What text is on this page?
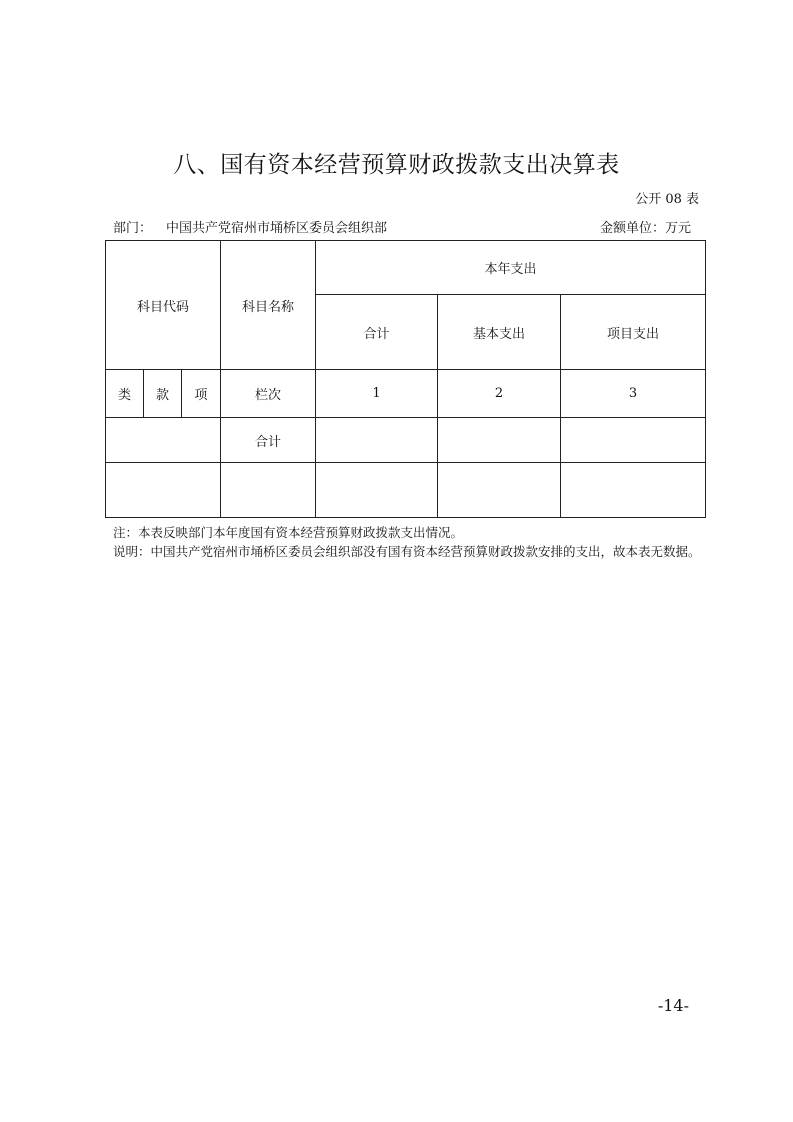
八、国有资本经营预算财政拨款支出决算表
公开 08 表
部门： 中国共产党宿州市埇桥区委员会组织部	金额单位：万元
科目代码			科目名称	本年支出		
				合计	基本支出	项目支出
类	款	项	栏次	1	2	3
			合计			

注：本表反映部门本年度国有资本经营预算财政拨款支出情况。

说明：中国共产党宿州市埇桥区委员会组织部没有国有资本经营预算财政拨款安排的支出，故本表无数据。

-14-
